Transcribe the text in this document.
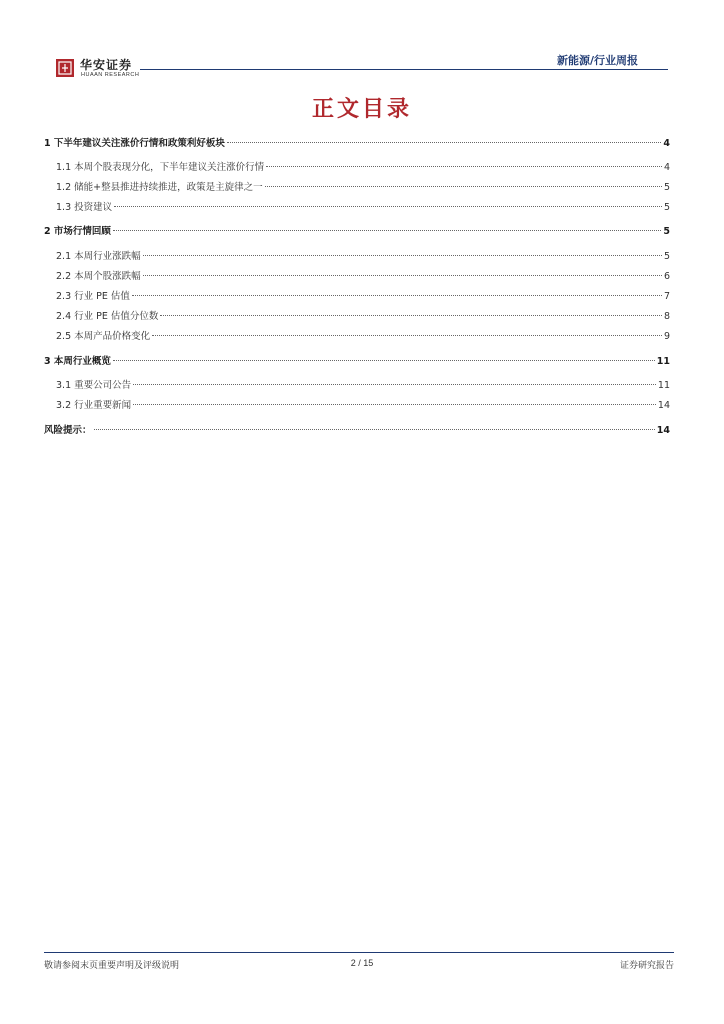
华安证券
HUAAN RESEARCH
新能源/行业周报
正文目录
1 下半年建议关注涨价行情和政策利好板块	4
1.1 本周个股表现分化，下半年建议关注涨价行情	4
1.2 储能+整县推进持续推进，政策是主旋律之一	5
1.3 投资建议	5
2 市场行情回顾	5
2.1 本周行业涨跌幅	5
2.2 本周个股涨跌幅	6
2.3 行业 PE 估值	7
2.4 行业 PE 估值分位数	8
2.5 本周产品价格变化	9
3 本周行业概览	11
3.1 重要公司公告	11
3.2 行业重要新闻	14
风险提示：	14
敬请参阅末页重要声明及评级说明	2 / 15	证券研究报告
